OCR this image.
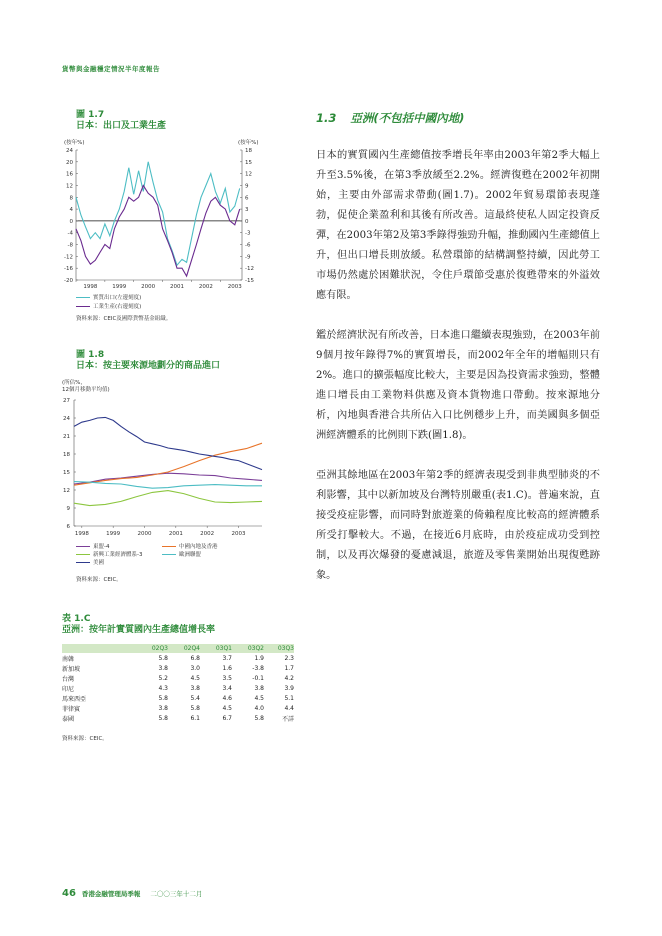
貨幣與金融穩定情況半年度報告
圖 1.7
日本：出口及工業生產
(按年%)	(按年%)
24
20
16
12
8
4
0
-4
-8
-12
-16
-20
18
15
12
9
6
3
0
-3
-6
-9
-12
-15
1998	1999	2000	2001	2002	2003
實質出口(左邊刻度)
工業生產(右邊刻度)
資料來源：CEIC及國際貨幣基金組織。
圖 1.8
日本：按主要來源地劃分的商品進口
(所佔%，
12個月移動平均值)
27
24
21
18
15
12
9
6
1998	1999	2000	2001	2002	2003
東盟-4	中國內地及香港
新興工業經濟體系-3	歐洲聯盟
美國
資料來源：CEIC。
表 1.C
亞洲：按年計實質國內生產總值增長率
	02Q3	02Q4	03Q1	03Q2	03Q3
南韓	5.8	6.8	3.7	1.9	2.3
新加坡	3.8	3.0	1.6	-3.8	1.7
台灣	5.2	4.5	3.5	-0.1	4.2
印尼	4.3	3.8	3.4	3.8	3.9
馬來西亞	5.8	5.4	4.6	4.5	5.1
菲律賓	3.8	5.8	4.5	4.0	4.4
泰國	5.8	6.1	6.7	5.8	不詳
資料來源：CEIC。
1.3 亞洲(不包括中國內地)

日本的實質國內生產總值按季增長年率由2003年第2季大幅上升至3.5%後，在第3季放緩至2.2%。經濟復甦在2002年初開始，主要由外部需求帶動(圖1.7)。2002年貿易環節表現蓬勃，促使企業盈利和其後有所改善。這最終使私人固定投資反彈，在2003年第2及第3季錄得強勁升幅，推動國內生產總值上升，但出口增長則放緩。私營環節的結構調整持續，因此勞工市場仍然處於困難狀況，令住戶環節受惠於復甦帶來的外溢效應有限。

鑑於經濟狀況有所改善，日本進口繼續表現強勁，在2003年前9個月按年錄得7%的實質增長，而2002年全年的增幅則只有2%。進口的擴張幅度比較大，主要是因為投資需求強勁，整體進口增長由工業物料供應及資本貨物進口帶動。按來源地分析，內地與香港合共所佔入口比例穩步上升，而美國與多個亞洲經濟體系的比例則下跌(圖1.8)。

亞洲其餘地區在2003年第2季的經濟表現受到非典型肺炎的不利影響，其中以新加坡及台灣特別嚴重(表1.C)。普遍來說，直接受疫症影響，而同時對旅遊業的倚賴程度比較高的經濟體系所受打擊較大。不過，在接近6月底時，由於疫症成功受到控制，以及再次爆發的憂慮減退，旅遊及零售業開始出現復甦跡象。

46 香港金融管理局季報 二〇〇三年十二月
